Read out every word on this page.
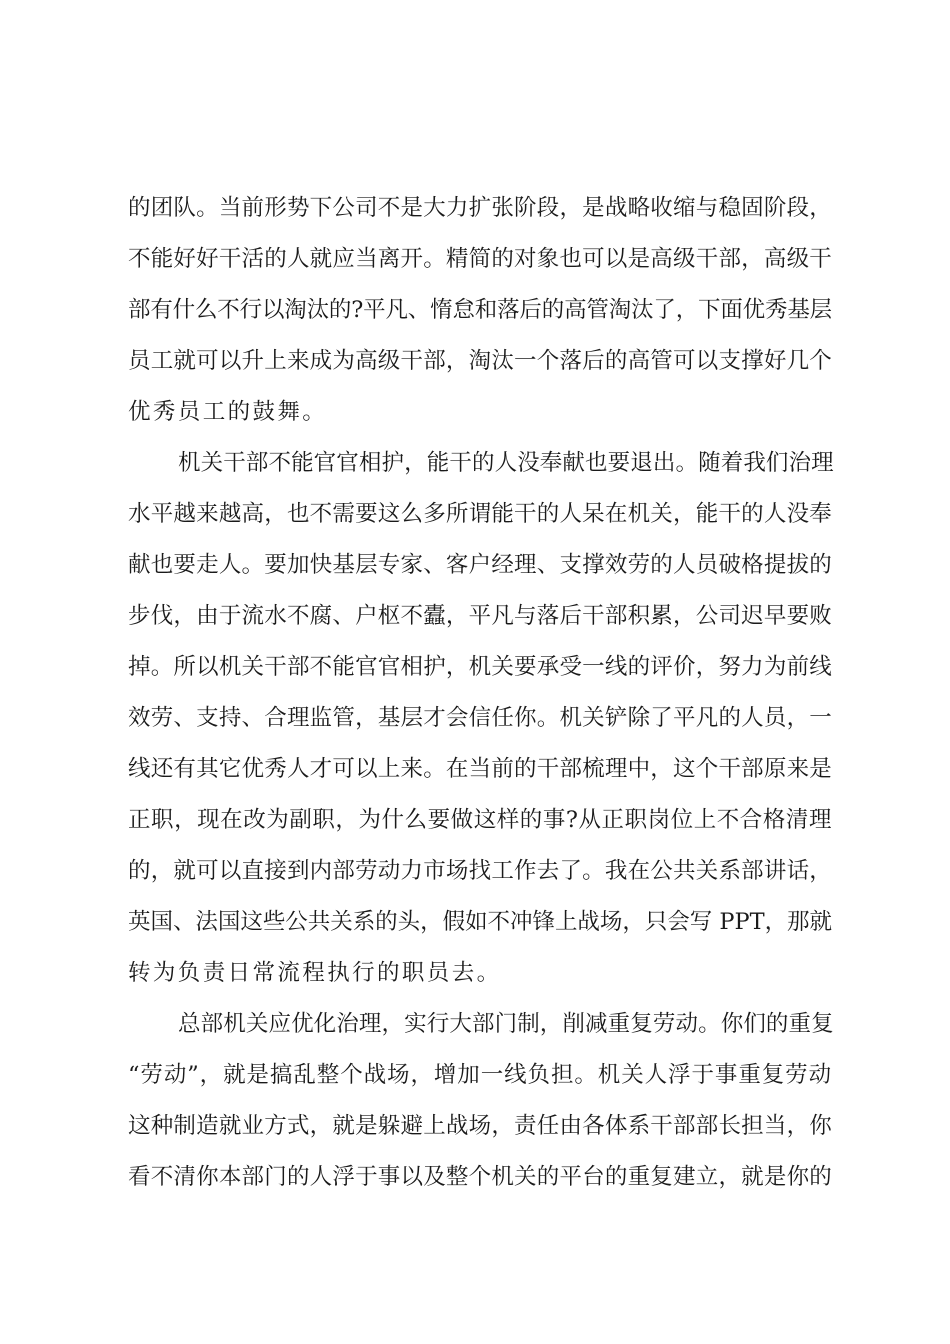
的团队。当前形势下公司不是大力扩张阶段，是战略收缩与稳固阶段，
不能好好干活的人就应当离开。精简的对象也可以是高级干部，高级干
部有什么不行以淘汰的?平凡、惰怠和落后的高管淘汰了，下面优秀基层
员工就可以升上来成为高级干部，淘汰一个落后的高管可以支撑好几个
优秀员工的鼓舞。
机关干部不能官官相护，能干的人没奉献也要退出。随着我们治理
水平越来越高，也不需要这么多所谓能干的人呆在机关，能干的人没奉
献也要走人。要加快基层专家、客户经理、支撑效劳的人员破格提拔的
步伐，由于流水不腐、户枢不蠹，平凡与落后干部积累，公司迟早要败
掉。所以机关干部不能官官相护，机关要承受一线的评价，努力为前线
效劳、支持、合理监管，基层才会信任你。机关铲除了平凡的人员，一
线还有其它优秀人才可以上来。在当前的干部梳理中，这个干部原来是
正职，现在改为副职，为什么要做这样的事?从正职岗位上不合格清理
的，就可以直接到内部劳动力市场找工作去了。我在公共关系部讲话，
英国、法国这些公共关系的头，假如不冲锋上战场，只会写 PPT，那就
转为负责日常流程执行的职员去。
总部机关应优化治理，实行大部门制，削减重复劳动。你们的重复
“劳动”，就是搞乱整个战场，增加一线负担。机关人浮于事重复劳动
这种制造就业方式，就是躲避上战场，责任由各体系干部部长担当，你
看不清你本部门的人浮于事以及整个机关的平台的重复建立，就是你的
